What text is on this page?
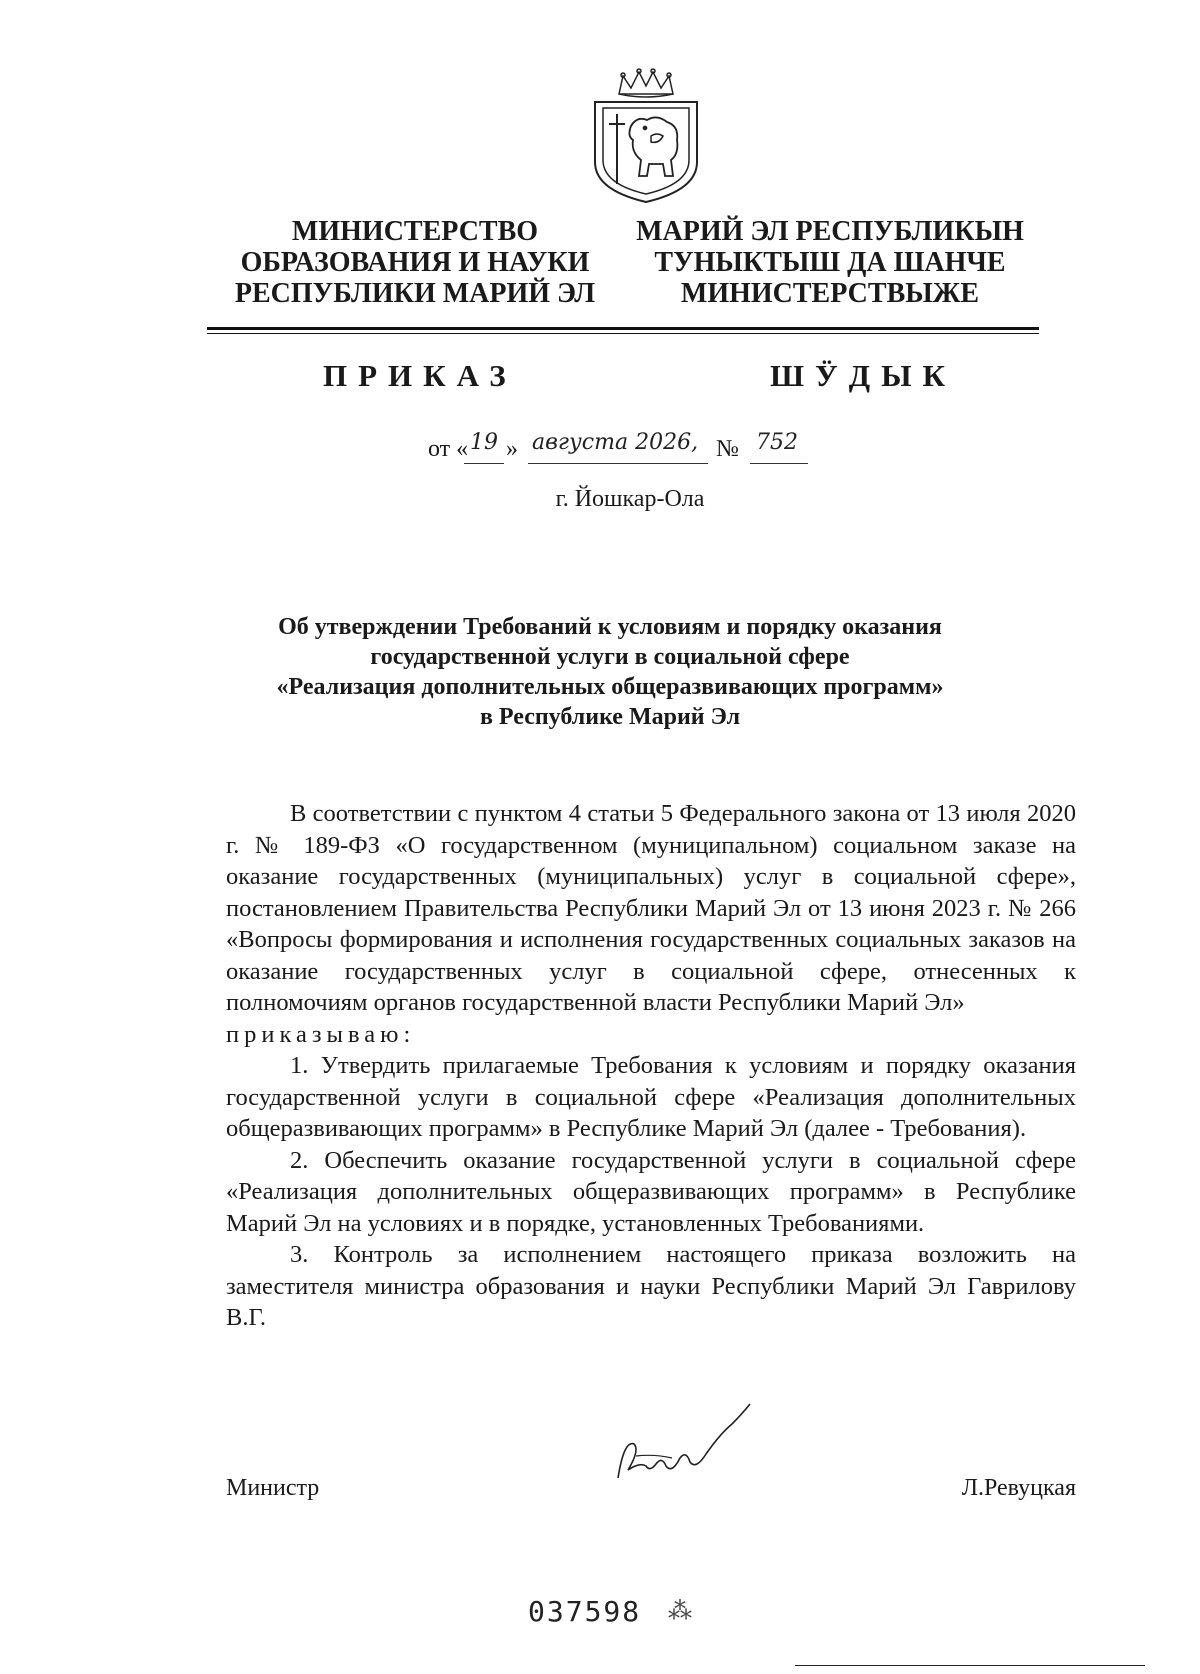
МИНИСТЕРСТВО
ОБРАЗОВАНИЯ И НАУКИ
РЕСПУБЛИКИ МАРИЙ ЭЛ
МАРИЙ ЭЛ РЕСПУБЛИКЫН
ТУНЫКТЫШ ДА ШАНЧЕ
МИНИСТЕРСТВЫЖЕ
ПРИКАЗ	ШӰДЫК
от « 19 » августа 2026, № 752
г. Йошкар-Ола
Об утверждении Требований к условиям и порядку оказания
государственной услуги в социальной сфере
«Реализация дополнительных общеразвивающих программ»
в Республике Марий Эл
В соответствии с пунктом 4 статьи 5 Федерального закона от 13 июля 2020 г. № 189-ФЗ «О государственном (муниципальном) социальном заказе на оказание государственных (муниципальных) услуг в социальной сфере», постановлением Правительства Республики Марий Эл от 13 июня 2023 г. № 266 «Вопросы формирования и исполнения государственных социальных заказов на оказание государственных услуг в социальной сфере, отнесенных к полномочиям органов государственной власти Республики Марий Эл»
приказываю:
1. Утвердить прилагаемые Требования к условиям и порядку оказания государственной услуги в социальной сфере «Реализация дополнительных общеразвивающих программ» в Республике Марий Эл (далее - Требования).
2. Обеспечить оказание государственной услуги в социальной сфере «Реализация дополнительных общеразвивающих программ» в Республике Марий Эл на условиях и в порядке, установленных Требованиями.
3. Контроль за исполнением настоящего приказа возложить на заместителя министра образования и науки Республики Марий Эл Гаврилову В.Г.
Министр	Л.Ревуцкая
037598 ⁂
